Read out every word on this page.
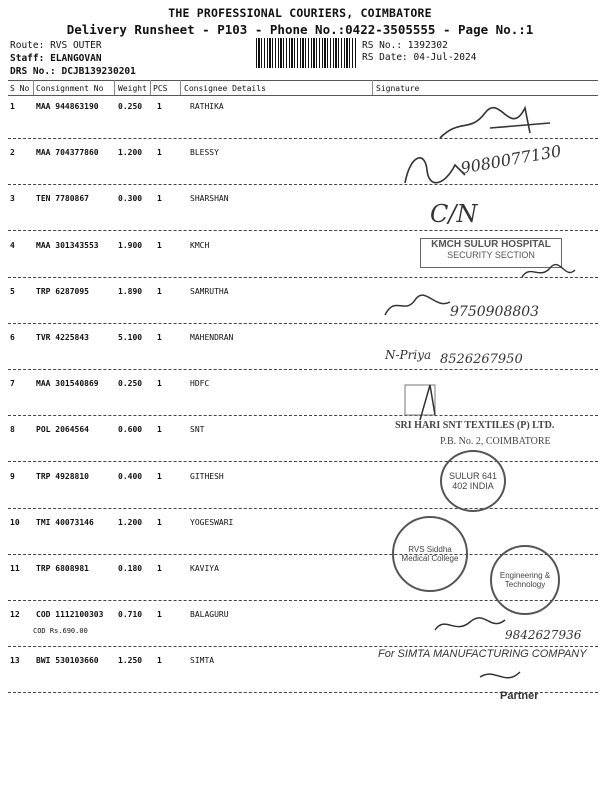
THE PROFESSIONAL COURIERS, COIMBATORE
Delivery Runsheet - P103 - Phone No.:0422-3505555 - Page No.:1
Route: RVS OUTER
Staff: ELANGOVAN
DRS No.: DCJB139230201
RS No.: 1392302
RS Date: 04-Jul-2024
S No Consignment No Weight PCS Consignee Details	Signature
1	MAA 944863190 0.250 1	RATHIKA
2	MAA 704377860 1.200 1	BLESSY
3	TEN 7780867	0.300 1	SHARSHAN
4	MAA 301343553 1.900 1	KMCH
5	TRP 6287095	1.890 1	SAMRUTHA
6	TVR 4225843	5.100 1	MAHENDRAN
7	MAA 301540869 0.250 1	HDFC
8	POL 2064564	0.600 1	SNT
9	TRP 4928810	0.400 1	GITHESH
10 TMI 40073146	1.200 1	YOGESWARI
11 TRP 6808981	0.180 1	KAVIYA
12 COD 1112100303 0.710 1	BALAGURU
COD Rs.690.00
13 BWI 530103660 1.250 1	SIMTA
9080077130
C/N
KMCH SULUR HOSPITAL
SECURITY SECTION
9750908803
N-Priya 8526267950
SRI HARI SNT TEXTILES (P) LTD.
P.B. No. 2, COIMBATORE
SULUR 641 402 INDIA
RVS Siddha Medical College
Engineering & Technology
9842627936
For SIMTA MANUFACTURING COMPANY
Partner
